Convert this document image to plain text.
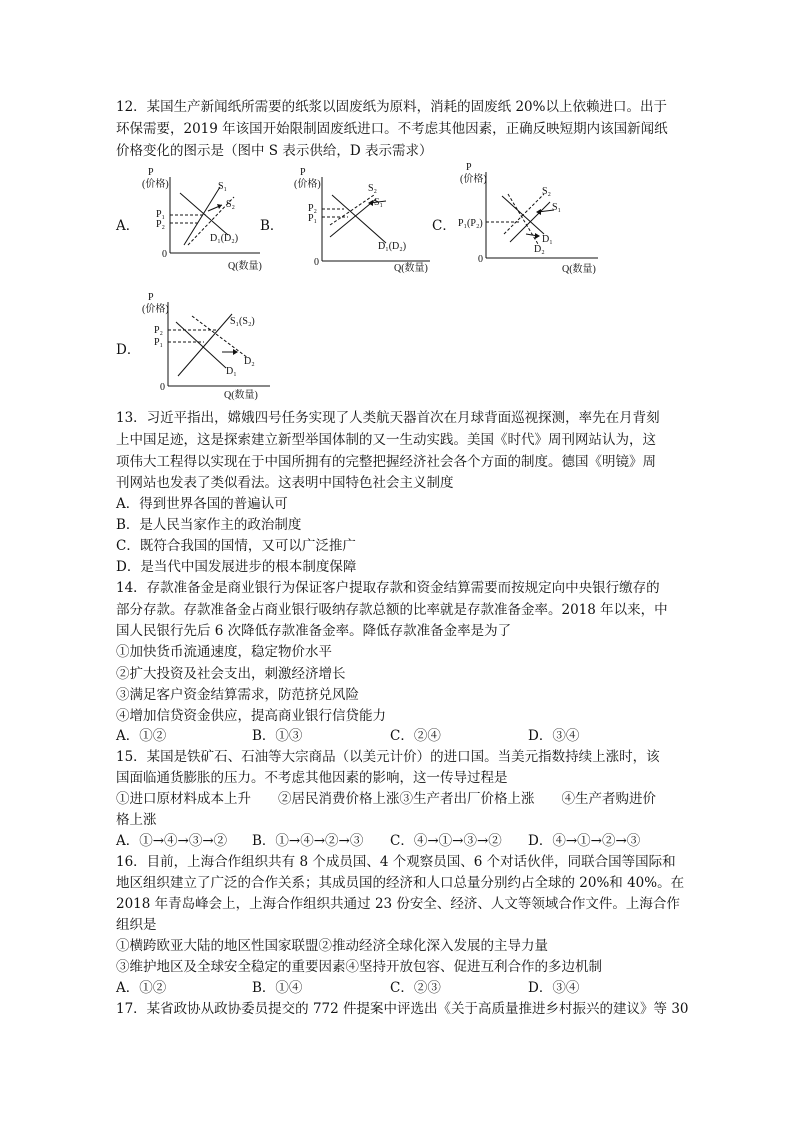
12．某国生产新闻纸所需要的纸浆以固废纸为原料，消耗的固废纸 20%以上依赖进口。出于
环保需要，2019 年该国开始限制固废纸进口。不考虑其他因素，正确反映短期内该国新闻纸
价格变化的图示是（图中 S 表示供给，D 表示需求）
A．
P
(价格)
0
Q(数量)
S₁
S₂
D₁(D₂)
P₁
P₂	B．
P
(价格)
0
Q(数量)
S₂
S₁
D₁(D₂)
P₂
P₁	C．
P
(价格)
0
Q(数量)
S₂
S₁
D₁
D₂
P₁(P₂)
D．
P
(价格)
0
Q(数量)
S₁(S₂)
D₂
D₁
P₂
P₁
13．习近平指出，嫦娥四号任务实现了人类航天器首次在月球背面巡视探测，率先在月背刻
上中国足迹，这是探索建立新型举国体制的又一生动实践。美国《时代》周刊网站认为，这
项伟大工程得以实现在于中国所拥有的完整把握经济社会各个方面的制度。德国《明镜》周
刊网站也发表了类似看法。这表明中国特色社会主义制度
A．得到世界各国的普遍认可
B．是人民当家作主的政治制度
C．既符合我国的国情，又可以广泛推广
D．是当代中国发展进步的根本制度保障
14．存款准备金是商业银行为保证客户提取存款和资金结算需要而按规定向中央银行缴存的
部分存款。存款准备金占商业银行吸纳存款总额的比率就是存款准备金率。2018 年以来，中
国人民银行先后 6 次降低存款准备金率。降低存款准备金率是为了
①加快货币流通速度，稳定物价水平
②扩大投资及社会支出，刺激经济增长
③满足客户资金结算需求，防范挤兑风险
④增加信贷资金供应，提高商业银行信贷能力
A．①②	B．①③	C．②④	D．③④
15．某国是铁矿石、石油等大宗商品（以美元计价）的进口国。当美元指数持续上涨时，该
国面临通货膨胀的压力。不考虑其他因素的影响，这一传导过程是
①进口原材料成本上升　　②居民消费价格上涨③生产者出厂价格上涨　　④生产者购进价
格上涨
A．①→④→③→② B．①→④→②→③ C．④→①→③→② D．④→①→②→③
16．目前，上海合作组织共有 8 个成员国、4 个观察员国、6 个对话伙伴，同联合国等国际和
地区组织建立了广泛的合作关系；其成员国的经济和人口总量分别约占全球的 20%和 40%。在
2018 年青岛峰会上，上海合作组织共通过 23 份安全、经济、人文等领域合作文件。上海合作
组织是
①横跨欧亚大陆的地区性国家联盟②推动经济全球化深入发展的主导力量
③维护地区及全球安全稳定的重要因素④坚持开放包容、促进互利合作的多边机制
A．①②	B．①④	C．②③	D．③④
17．某省政协从政协委员提交的 772 件提案中评选出《关于高质量推进乡村振兴的建议》等 30
